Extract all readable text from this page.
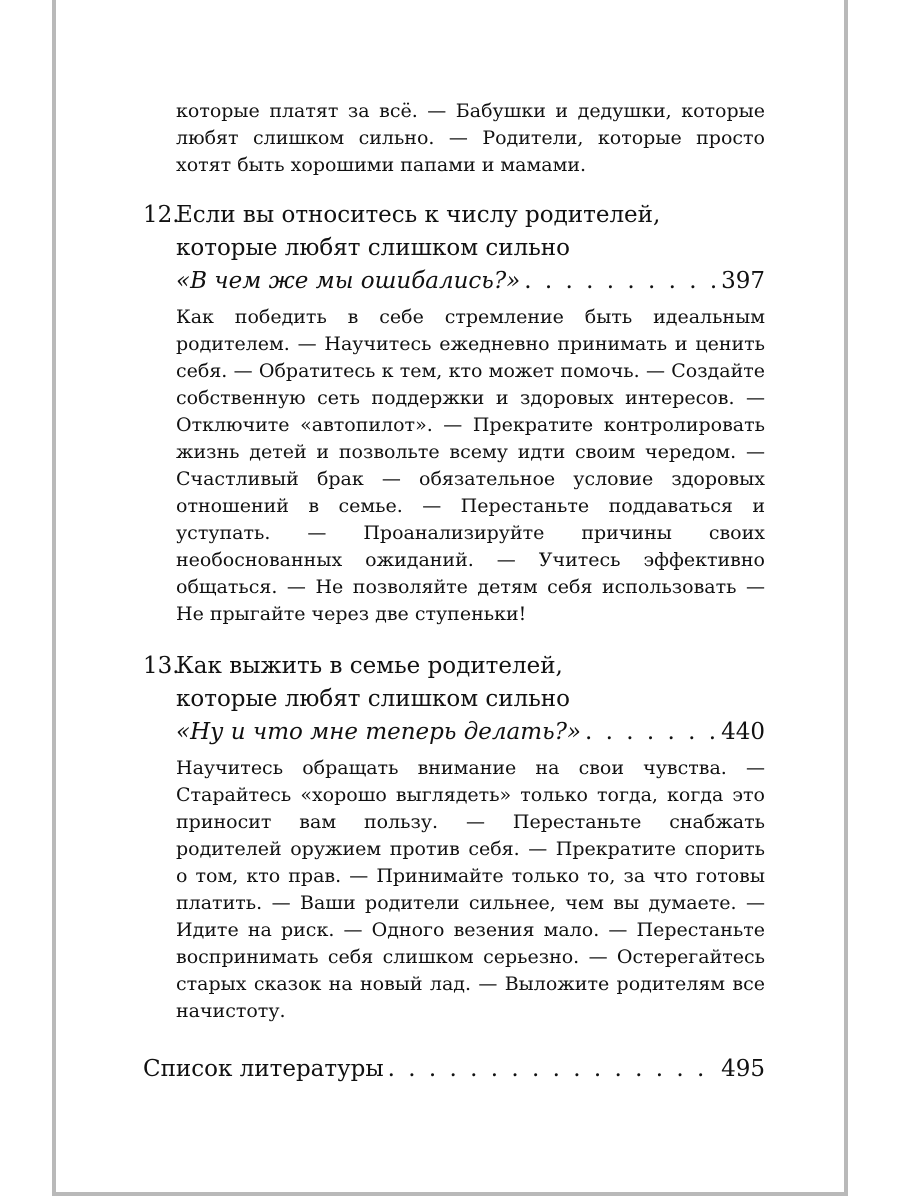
которые платят за всё. — Бабушки и дедушки, которые любят слишком сильно. — Родители, которые просто хотят быть хорошими папами и мамами.

12.
Если вы относитесь к числу родителей,
которые любят слишком сильно
«В чем же мы ошибались?» . . .	397

Как победить в себе стремление быть идеальным родителем. — Научитесь ежедневно принимать и ценить себя. — Обратитесь к тем, кто может помочь. — Создайте собственную сеть поддержки и здоровых интересов. — Отключите «автопилот». — Прекратите контролировать жизнь детей и позвольте всему идти своим чередом. — Счастливый брак — обязательное условие здоровых отношений в семье. — Перестаньте поддаваться и уступать. — Проанализируйте причины своих необоснованных ожиданий. — Учитесь эффективно общаться. — Не позволяйте детям себя использовать — Не прыгайте через две ступеньки!

13.
Как выжить в семье родителей,
которые любят слишком сильно
«Ну и что мне теперь делать?» . . .	440

Научитесь обращать внимание на свои чувства. — Старайтесь «хорошо выглядеть» только тогда, когда это приносит вам пользу. — Перестаньте снабжать родителей оружием против себя. — Прекратите спорить о том, кто прав. — Принимайте только то, за что готовы платить. — Ваши родители сильнее, чем вы думаете. — Идите на риск. — Одного везения мало. — Перестаньте воспринимать себя слишком серьезно. — Остерегайтесь старых сказок на новый лад. — Выложите родителям все начистоту.

Список литературы . . .	495
